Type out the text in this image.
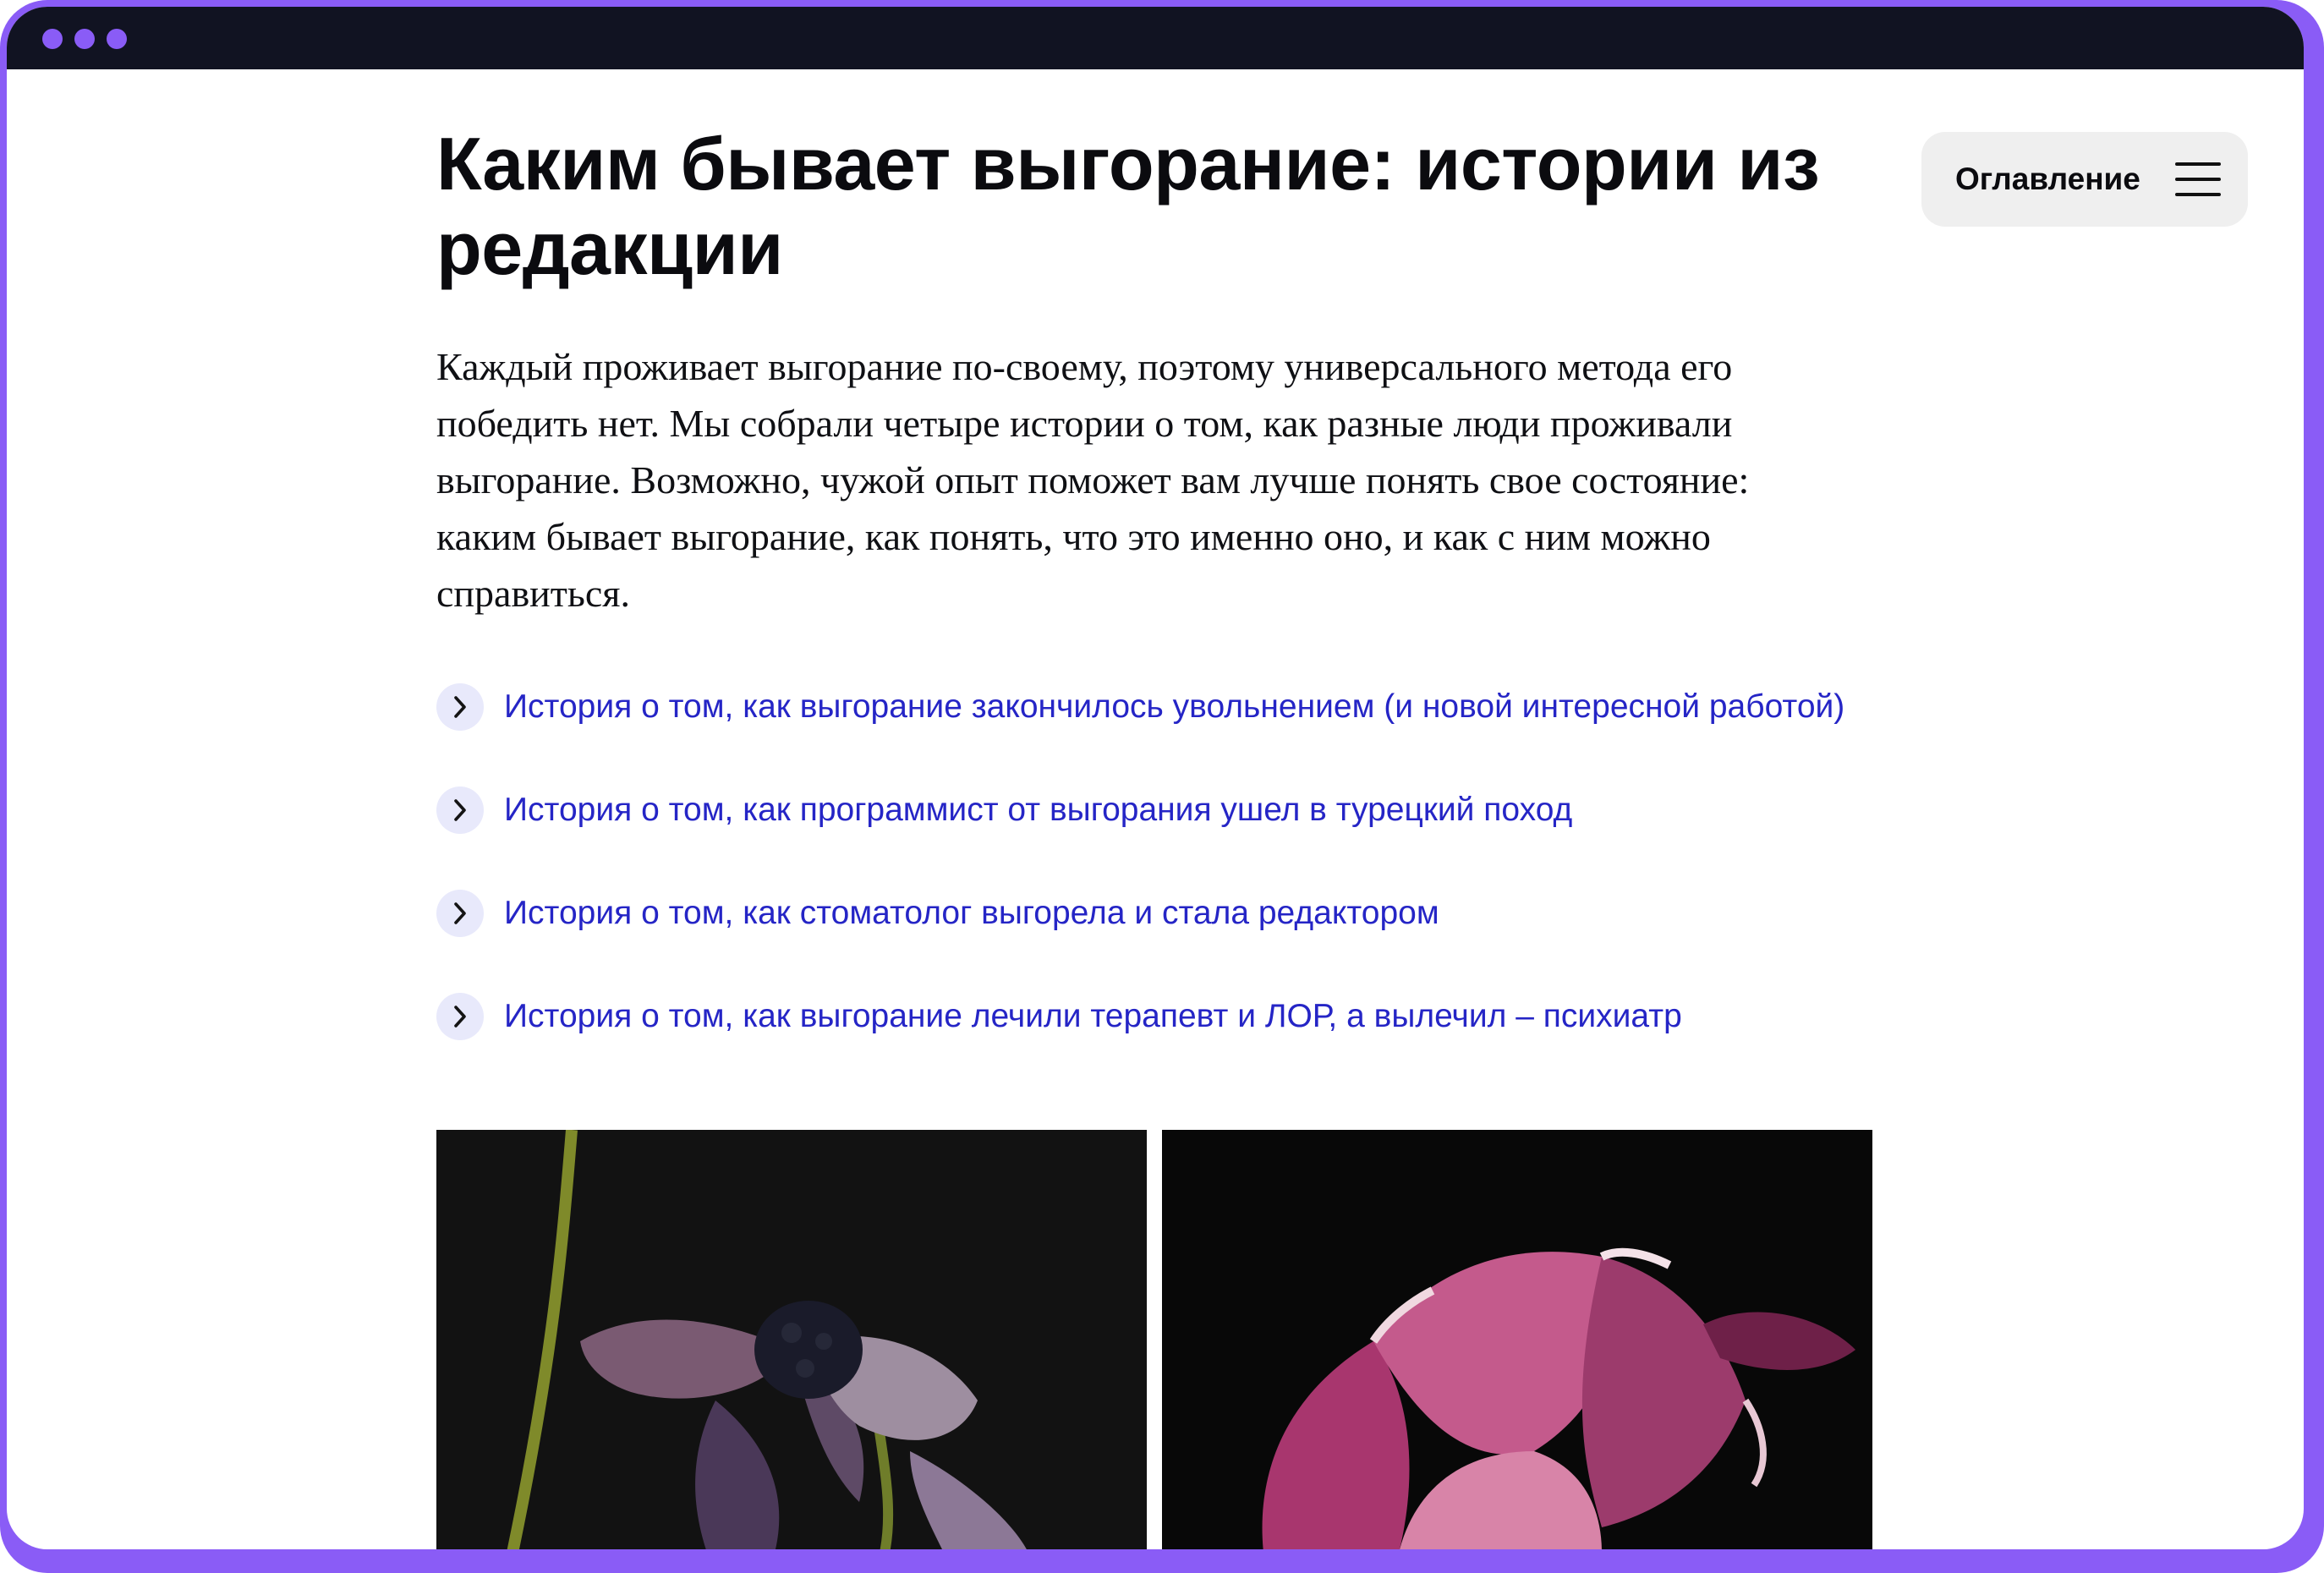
Каким бывает выгорание: истории из редакции

Каждый проживает выгорание по-своему, поэтому универсального метода его победить нет. Мы собрали четыре истории о том, как разные люди проживали выгорание. Возможно, чужой опыт поможет вам лучше понять свое состояние: каким бывает выгорание, как понять, что это именно оно, и как с ним можно справиться.

История о том, как выгорание закончилось увольнением (и новой интересной работой)
История о том, как программист от выгорания ушел в турецкий поход
История о том, как стоматолог выгорела и стала редактором
История о том, как выгорание лечили терапевт и ЛОР, а вылечил – психиатр
Оглавление
